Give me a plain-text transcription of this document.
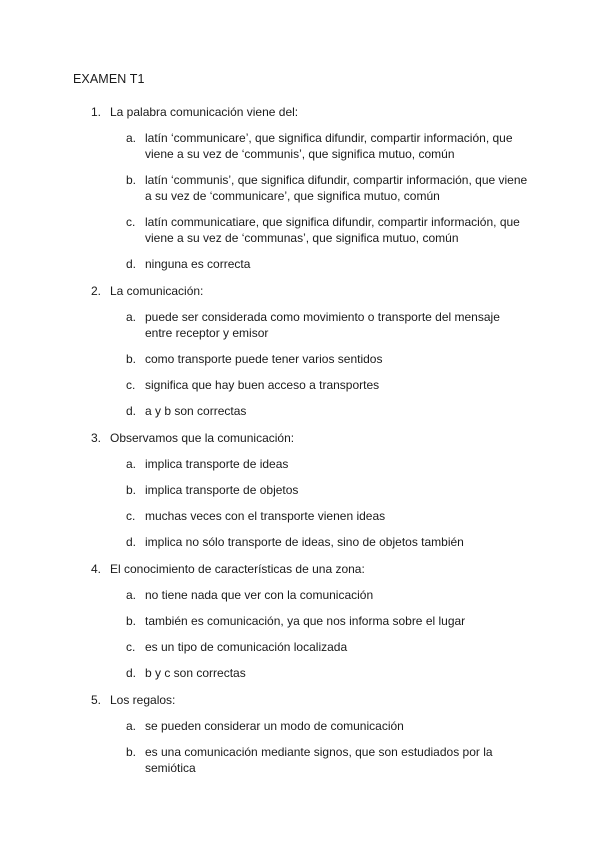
EXAMEN T1
1. La palabra comunicación viene del:
a. latín ‘communicare’, que significa difundir, compartir información, que viene a su vez de ‘communis’, que significa mutuo, común
b. latín ‘communis’, que significa difundir, compartir información, que viene a su vez de ‘communicare’, que significa mutuo, común
c. latín communicatiare, que significa difundir, compartir información, que viene a su vez de ‘communas’, que significa mutuo, común
d. ninguna es correcta
2. La comunicación:
a. puede ser considerada como movimiento o transporte del mensaje entre receptor y emisor
b. como transporte puede tener varios sentidos
c. significa que hay buen acceso a transportes
d. a y b son correctas
3. Observamos que la comunicación:
a. implica transporte de ideas
b. implica transporte de objetos
c. muchas veces con el transporte vienen ideas
d. implica no sólo transporte de ideas, sino de objetos también
4. El conocimiento de características de una zona:
a. no tiene nada que ver con la comunicación
b. también es comunicación, ya que nos informa sobre el lugar
c. es un tipo de comunicación localizada
d. b y c son correctas
5. Los regalos:
a. se pueden considerar un modo de comunicación
b. es una comunicación mediante signos, que son estudiados por la semiótica
